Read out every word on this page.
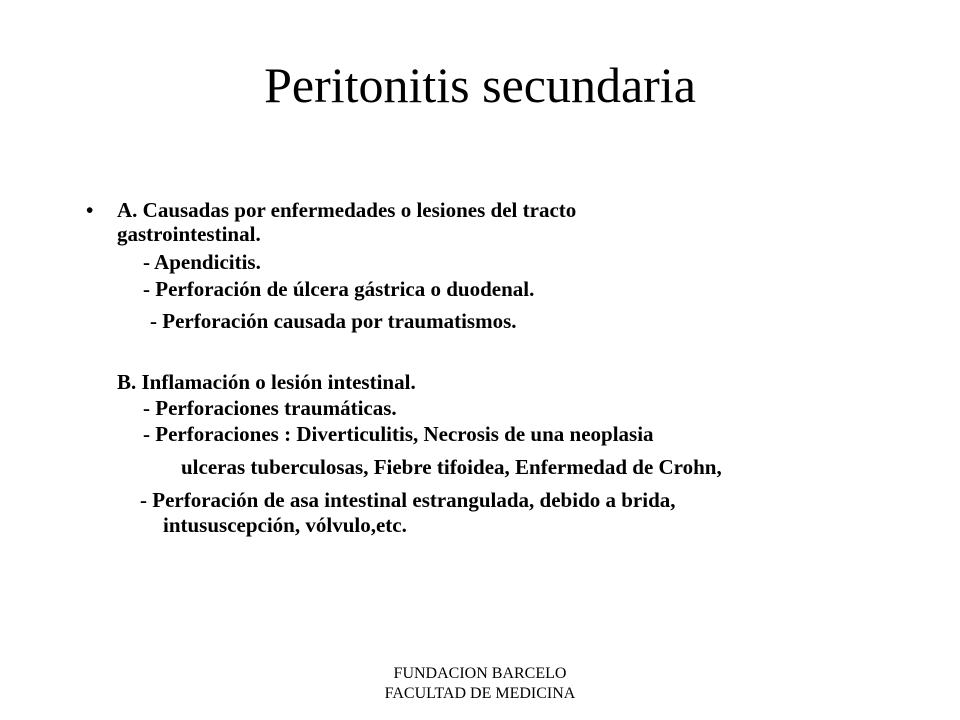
Peritonitis secundaria
• A. Causadas por enfermedades o lesiones del tracto
gastrointestinal.
- Apendicitis.
- Perforación de úlcera gástrica o duodenal.
- Perforación causada por traumatismos.
B. Inflamación o lesión intestinal.
- Perforaciones traumáticas.
- Perforaciones : Diverticulitis, Necrosis de una neoplasia
ulceras tuberculosas, Fiebre tifoidea, Enfermedad de Crohn,
- Perforación de asa intestinal estrangulada, debido a brida,
intususcepción, vólvulo,etc.
FUNDACION BARCELO
FACULTAD DE MEDICINA
